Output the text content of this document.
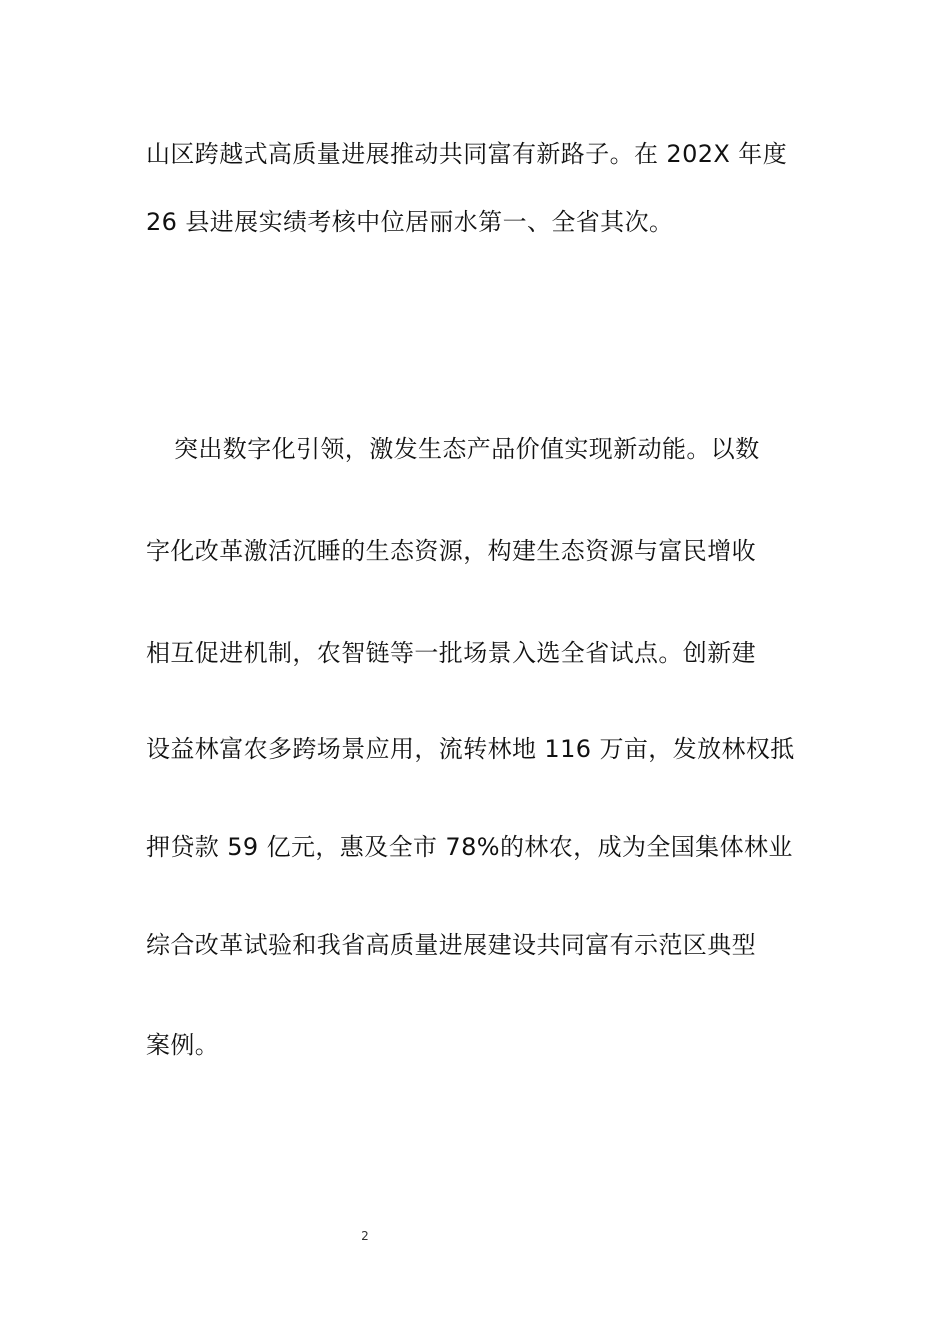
山区跨越式高质量进展推动共同富有新路子。在 202X 年度
26 县进展实绩考核中位居丽水第一、全省其次。
突出数字化引领，激发生态产品价值实现新动能。以数
字化改革激活沉睡的生态资源，构建生态资源与富民增收
相互促进机制，农智链等一批场景入选全省试点。创新建
设益林富农多跨场景应用，流转林地 116 万亩，发放林权抵
押贷款 59 亿元，惠及全市 78%的林农，成为全国集体林业
综合改革试验和我省高质量进展建设共同富有示范区典型
案例。
2
